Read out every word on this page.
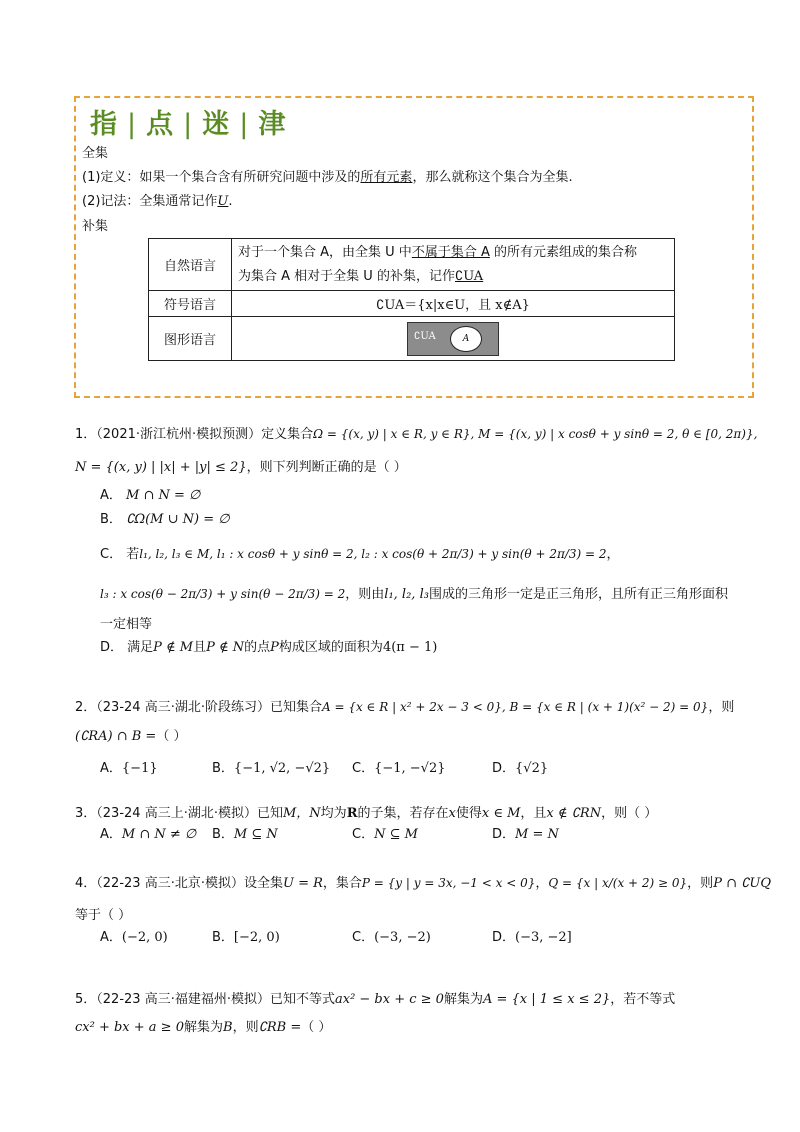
指 | 点 | 迷 | 津
全集
(1)定义：如果一个集合含有所研究问题中涉及的所有元素，那么就称这个集合为全集.
(2)记法：全集通常记作U.
补集
自然语言	对于一个集合 A，由全集 U 中不属于集合 A 的所有元素组成的集合称
为集合 A 相对于全集 U 的补集，记作∁UA
符号语言	∁UA＝{x|x∈U，且 x∉A}
图形语言	∁UA A
1．（2021·浙江杭州·模拟预测）定义集合Ω = {(x, y) | x ∈ R, y ∈ R}, M = {(x, y) | x cosθ + y sinθ = 2, θ ∈ [0, 2π)},
N = {(x, y) | |x| + |y| ≤ 2}，则下列判断正确的是（ ）
A． M ∩ N = ∅
B． ∁Ω(M ∪ N) = ∅
C． 若l₁, l₂, l₃ ∈ M, l₁ : x cosθ + y sinθ = 2, l₂ : x cos(θ + 2π/3) + y sin(θ + 2π/3) = 2，
l₃ : x cos(θ − 2π/3) + y sin(θ − 2π/3) = 2，则由l₁, l₂, l₃围成的三角形一定是正三角形，且所有正三角形面积
一定相等
D． 满足P ∉ M且P ∉ N的点P构成区域的面积为4(π − 1)
2．（23-24 高三·湖北·阶段练习）已知集合A = {x ∈ R | x² + 2x − 3 < 0}, B = {x ∈ R | (x + 1)(x² − 2) = 0}，则
(∁RA) ∩ B =（ ）
A．{−1}	B．{−1, √2, −√2} C．{−1, −√2}	D．{√2}
3．（23-24 高三上·湖北·模拟）已知M，N均为R的子集，若存在x使得x ∈ M，且x ∉ ∁RN，则（ ）
A．M ∩ N ≠ ∅ B．M ⊆ N	C．N ⊆ M	D．M = N
4．（22-23 高三·北京·模拟）设全集U = R，集合P = {y | y = 3x, −1 < x < 0}，Q = {x | x/(x + 2) ≥ 0}，则P ∩ ∁UQ
等于（ ）
A．(−2, 0)	B．[−2, 0)	C．(−3, −2)	D．(−3, −2]
5．（22-23 高三·福建福州·模拟）已知不等式ax² − bx + c ≥ 0解集为A = {x | 1 ≤ x ≤ 2}，若不等式
cx² + bx + a ≥ 0解集为B，则∁RB =（ ）
